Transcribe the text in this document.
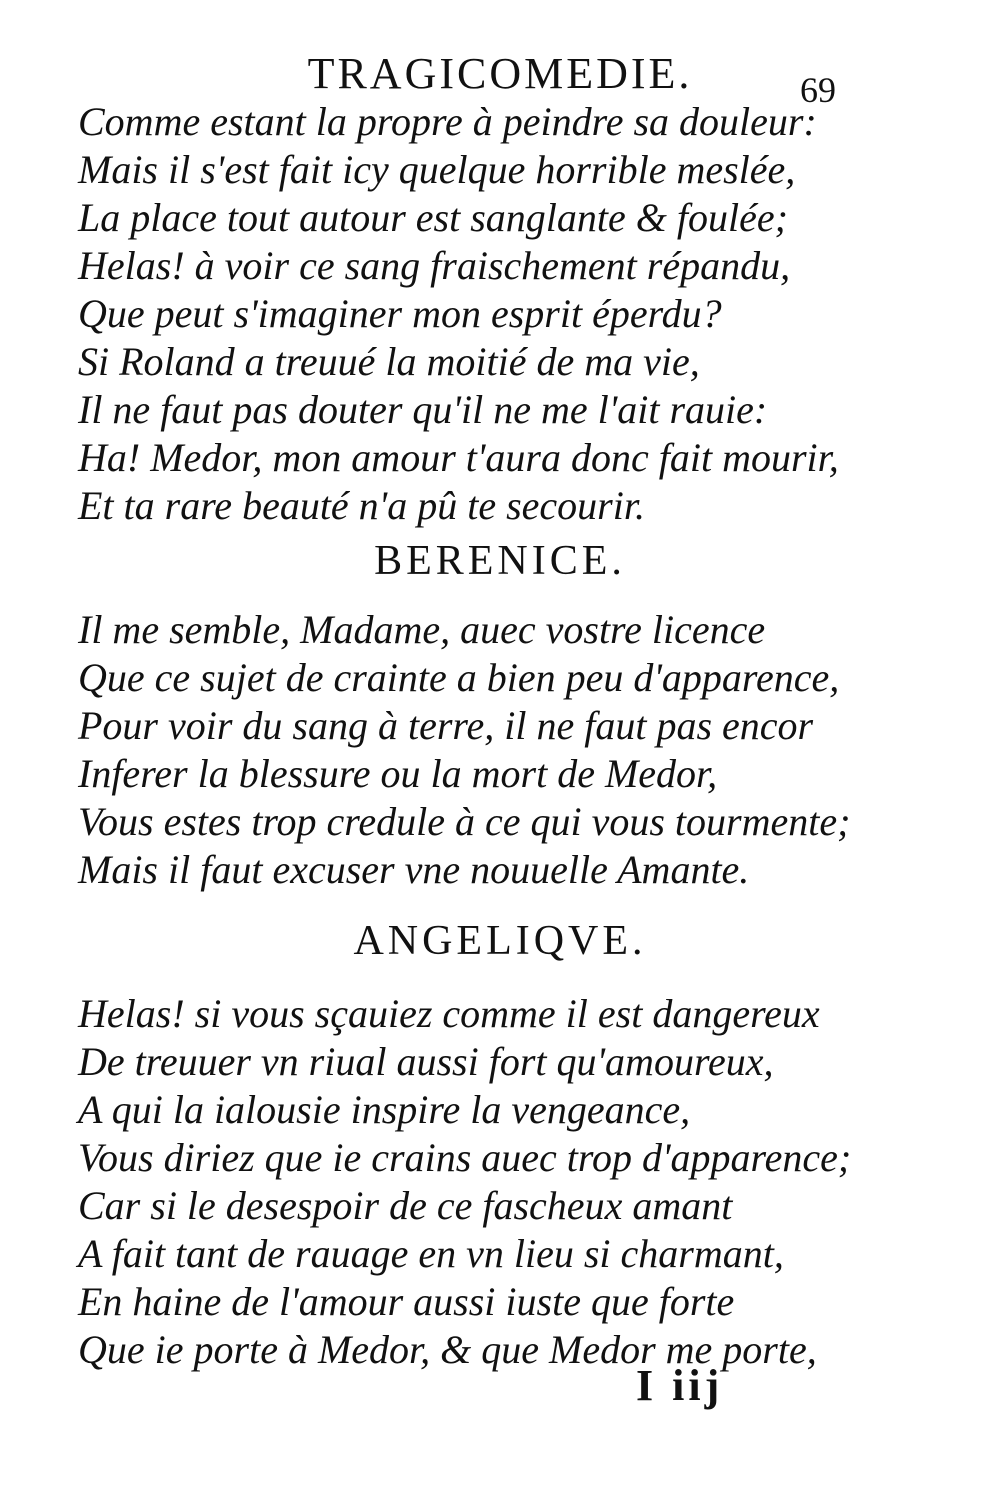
TRAGICOMEDIE.	69
Comme estant la propre à peindre sa douleur:
Mais il s'est fait icy quelque horrible meslée,
La place tout autour est sanglante & foulée;
Helas! à voir ce sang fraischement répandu,
Que peut s'imaginer mon esprit éperdu?
Si Roland a treuué la moitié de ma vie,
Il ne faut pas douter qu'il ne me l'ait rauie:
Ha! Medor, mon amour t'aura donc fait mourir,
Et ta rare beauté n'a pû te secourir.
BERENICE.
Il me semble, Madame, auec vostre licence
Que ce sujet de crainte a bien peu d'apparence,
Pour voir du sang à terre, il ne faut pas encor
Inferer la blessure ou la mort de Medor,
Vous estes trop credule à ce qui vous tourmente;
Mais il faut excuser vne nouuelle Amante.
ANGELIQVE.
Helas! si vous sçauiez comme il est dangereux
De treuuer vn riual aussi fort qu'amoureux,
A qui la ialousie inspire la vengeance,
Vous diriez que ie crains auec trop d'apparence;
Car si le desespoir de ce fascheux amant
A fait tant de rauage en vn lieu si charmant,
En haine de l'amour aussi iuste que forte
Que ie porte à Medor, & que Medor me porte,
I iij
